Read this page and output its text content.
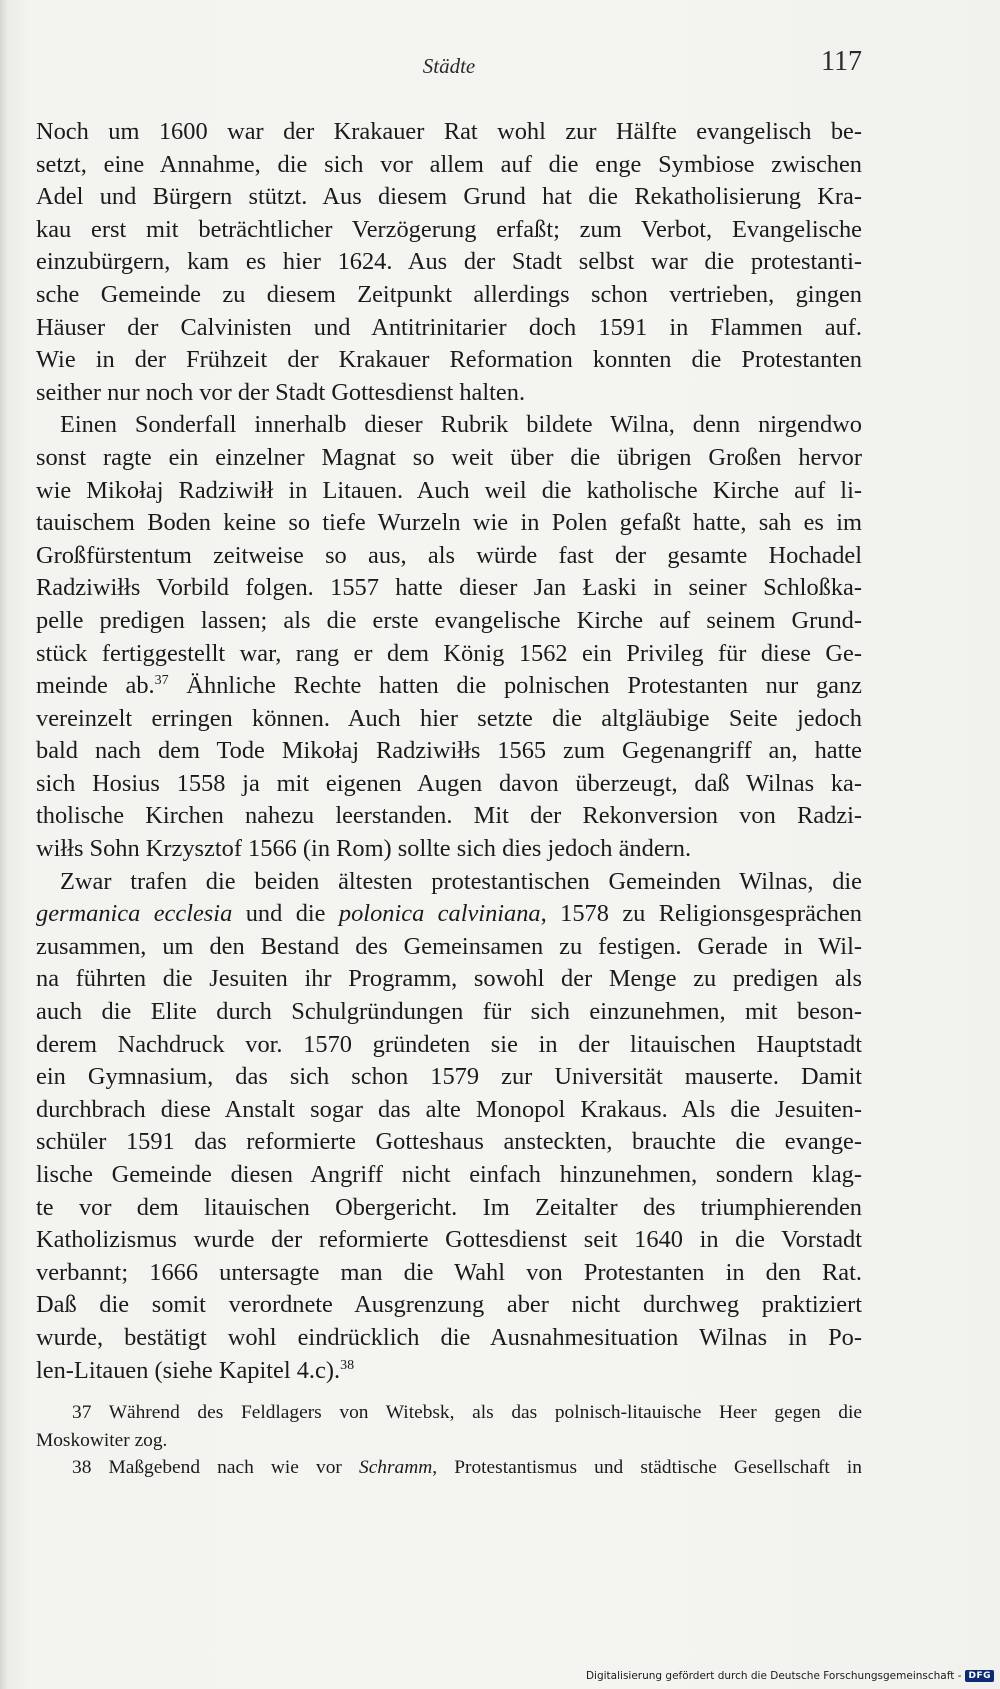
Städte	117
Noch um 1600 war der Krakauer Rat wohl zur Hälfte evangelisch be-
setzt, eine Annahme, die sich vor allem auf die enge Symbiose zwischen
Adel und Bürgern stützt. Aus diesem Grund hat die Rekatholisierung Kra-
kau erst mit beträchtlicher Verzögerung erfaßt; zum Verbot, Evangelische
einzubürgern, kam es hier 1624. Aus der Stadt selbst war die protestanti-
sche Gemeinde zu diesem Zeitpunkt allerdings schon vertrieben, gingen
Häuser der Calvinisten und Antitrinitarier doch 1591 in Flammen auf.
Wie in der Frühzeit der Krakauer Reformation konnten die Protestanten
seither nur noch vor der Stadt Gottesdienst halten.
Einen Sonderfall innerhalb dieser Rubrik bildete Wilna, denn nirgendwo
sonst ragte ein einzelner Magnat so weit über die übrigen Großen hervor
wie Mikołaj Radziwiłł in Litauen. Auch weil die katholische Kirche auf li-
tauischem Boden keine so tiefe Wurzeln wie in Polen gefaßt hatte, sah es im
Großfürstentum zeitweise so aus, als würde fast der gesamte Hochadel
Radziwiłłs Vorbild folgen. 1557 hatte dieser Jan Łaski in seiner Schloßka-
pelle predigen lassen; als die erste evangelische Kirche auf seinem Grund-
stück fertiggestellt war, rang er dem König 1562 ein Privileg für diese Ge-
meinde ab.$^{37}$ Ähnliche Rechte hatten die polnischen Protestanten nur ganz
vereinzelt erringen können. Auch hier setzte die altgläubige Seite jedoch
bald nach dem Tode Mikołaj Radziwiłłs 1565 zum Gegenangriff an, hatte
sich Hosius 1558 ja mit eigenen Augen davon überzeugt, daß Wilnas ka-
tholische Kirchen nahezu leerstanden. Mit der Rekonversion von Radzi-
wiłłs Sohn Krzysztof 1566 (in Rom) sollte sich dies jedoch ändern.
Zwar trafen die beiden ältesten protestantischen Gemeinden Wilnas, die
germanica ecclesia und die polonica calviniana, 1578 zu Religionsgesprächen
zusammen, um den Bestand des Gemeinsamen zu festigen. Gerade in Wil-
na führten die Jesuiten ihr Programm, sowohl der Menge zu predigen als
auch die Elite durch Schulgründungen für sich einzunehmen, mit beson-
derem Nachdruck vor. 1570 gründeten sie in der litauischen Hauptstadt
ein Gymnasium, das sich schon 1579 zur Universität mauserte. Damit
durchbrach diese Anstalt sogar das alte Monopol Krakaus. Als die Jesuiten-
schüler 1591 das reformierte Gotteshaus ansteckten, brauchte die evange-
lische Gemeinde diesen Angriff nicht einfach hinzunehmen, sondern klag-
te vor dem litauischen Obergericht. Im Zeitalter des triumphierenden
Katholizismus wurde der reformierte Gottesdienst seit 1640 in die Vorstadt
verbannt; 1666 untersagte man die Wahl von Protestanten in den Rat.
Daß die somit verordnete Ausgrenzung aber nicht durchweg praktiziert
wurde, bestätigt wohl eindrücklich die Ausnahmesituation Wilnas in Po-
len-Litauen (siehe Kapitel 4.c).$^{38}$
37 Während des Feldlagers von Witebsk, als das polnisch-litauische Heer gegen die
Moskowiter zog.
38 Maßgebend nach wie vor Schramm, Protestantismus und städtische Gesellschaft in
Digitalisierung gefördert durch die Deutsche Forschungsgemeinschaft - DFG
